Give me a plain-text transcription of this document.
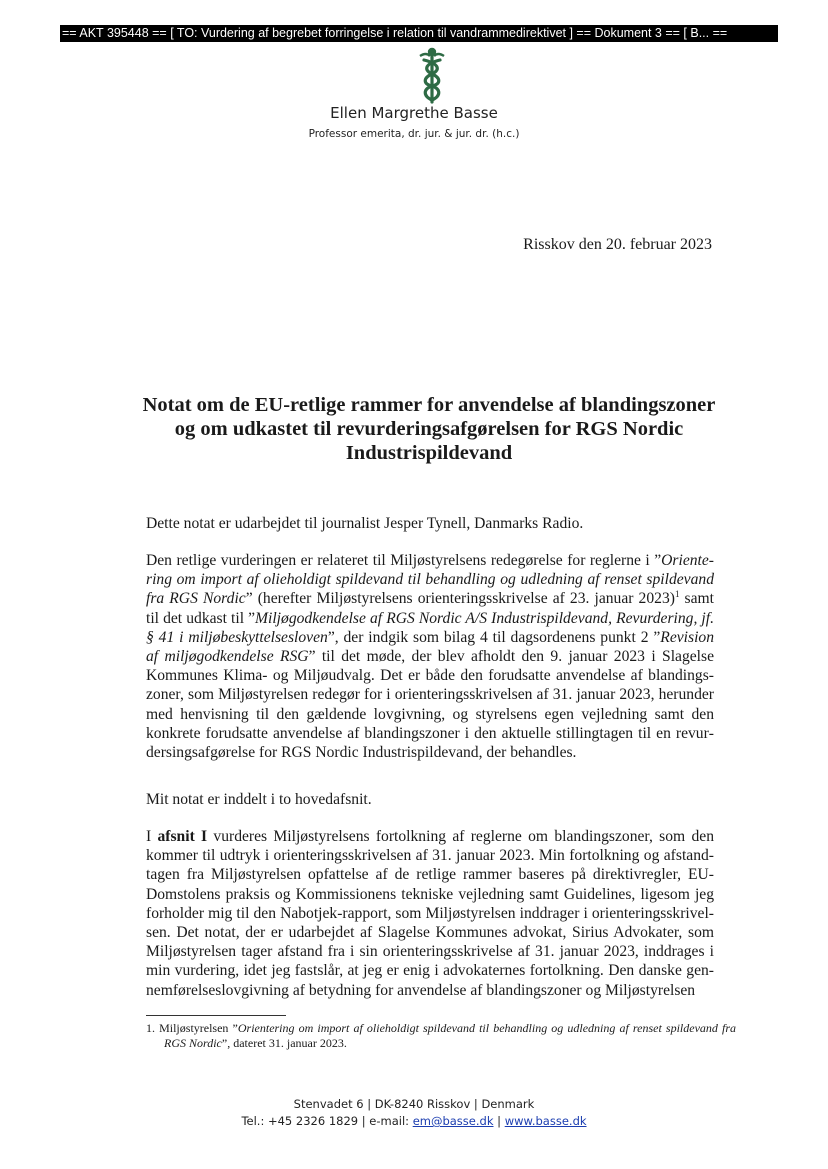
== AKT 395448 == [ TO: Vurdering af begrebet forringelse i relation til vandrammedirektivet ] == Dokument 3 == [ B... ==
Ellen Margrethe Basse
Professor emerita, dr. jur. & jur. dr. (h.c.)
Risskov den 20. februar 2023
Notat om de EU-retlige rammer for anvendelse af blandingszoner og om udkastet til revurderingsafgørelsen for RGS Nordic Industrispildevand

Dette notat er udarbejdet til journalist Jesper Tynell, Danmarks Radio.

Den retlige vurderingen er relateret til Miljøstyrelsens redegørelse for reglerne i ”Orientering om import af olieholdigt spildevand til behandling og udledning af renset spildevand fra RGS Nordic” (herefter Miljøstyrelsens orienteringsskrivelse af 23. januar 2023)$^1$ samt til det udkast til ”Miljøgodkendelse af RGS Nordic A/S Industrispildevand, Revurdering, jf. § 41 i miljøbeskyttelsesloven”, der indgik som bilag 4 til dagsordenens punkt 2 ”Revision af miljøgodkendelse RSG” til det møde, der blev afholdt den 9. januar 2023 i Slagelse Kommunes Klima- og Miljøudvalg. Det er både den forudsatte anvendelse af blandingszoner, som Miljøstyrelsen redegør for i orienteringsskrivelsen af 31. januar 2023, herunder med henvisning til den gældende lovgivning, og styrelsens egen vejledning samt den konkrete forudsatte anvendelse af blandingszoner i den aktuelle stillingtagen til en revurdersingsafgørelse for RGS Nordic Industrispildevand, der behandles.

Mit notat er inddelt i to hovedafsnit.

I afsnit I vurderes Miljøstyrelsens fortolkning af reglerne om blandingszoner, som den kommer til udtryk i orienteringsskrivelsen af 31. januar 2023. Min fortolkning og afstandtagen fra Miljøstyrelsen opfattelse af de retlige rammer baseres på direktivregler, EU-Domstolens praksis og Kommissionens tekniske vejledning samt Guidelines, ligesom jeg forholder mig til den Nabotjek-rapport, som Miljøstyrelsen inddrager i orienteringsskrivelsen. Det notat, der er udarbejdet af Slagelse Kommunes advokat, Sirius Advokater, som Miljøstyrelsen tager afstand fra i sin orienteringsskrivelse af 31. januar 2023, inddrages i min vurdering, idet jeg fastslår, at jeg er enig i advokaternes fortolkning. Den danske gennemførelseslovgivning af betydning for anvendelse af blandingszoner og Miljøstyrelsen

1. Miljøstyrelsen ”Orientering om import af olieholdigt spildevand til behandling og udledning af renset spildevand fra RGS Nordic”, dateret 31. januar 2023.

Stenvadet 6 | DK-8240 Risskov | Denmark
Tel.: +45 2326 1829 | e-mail: em@basse.dk | www.basse.dk
